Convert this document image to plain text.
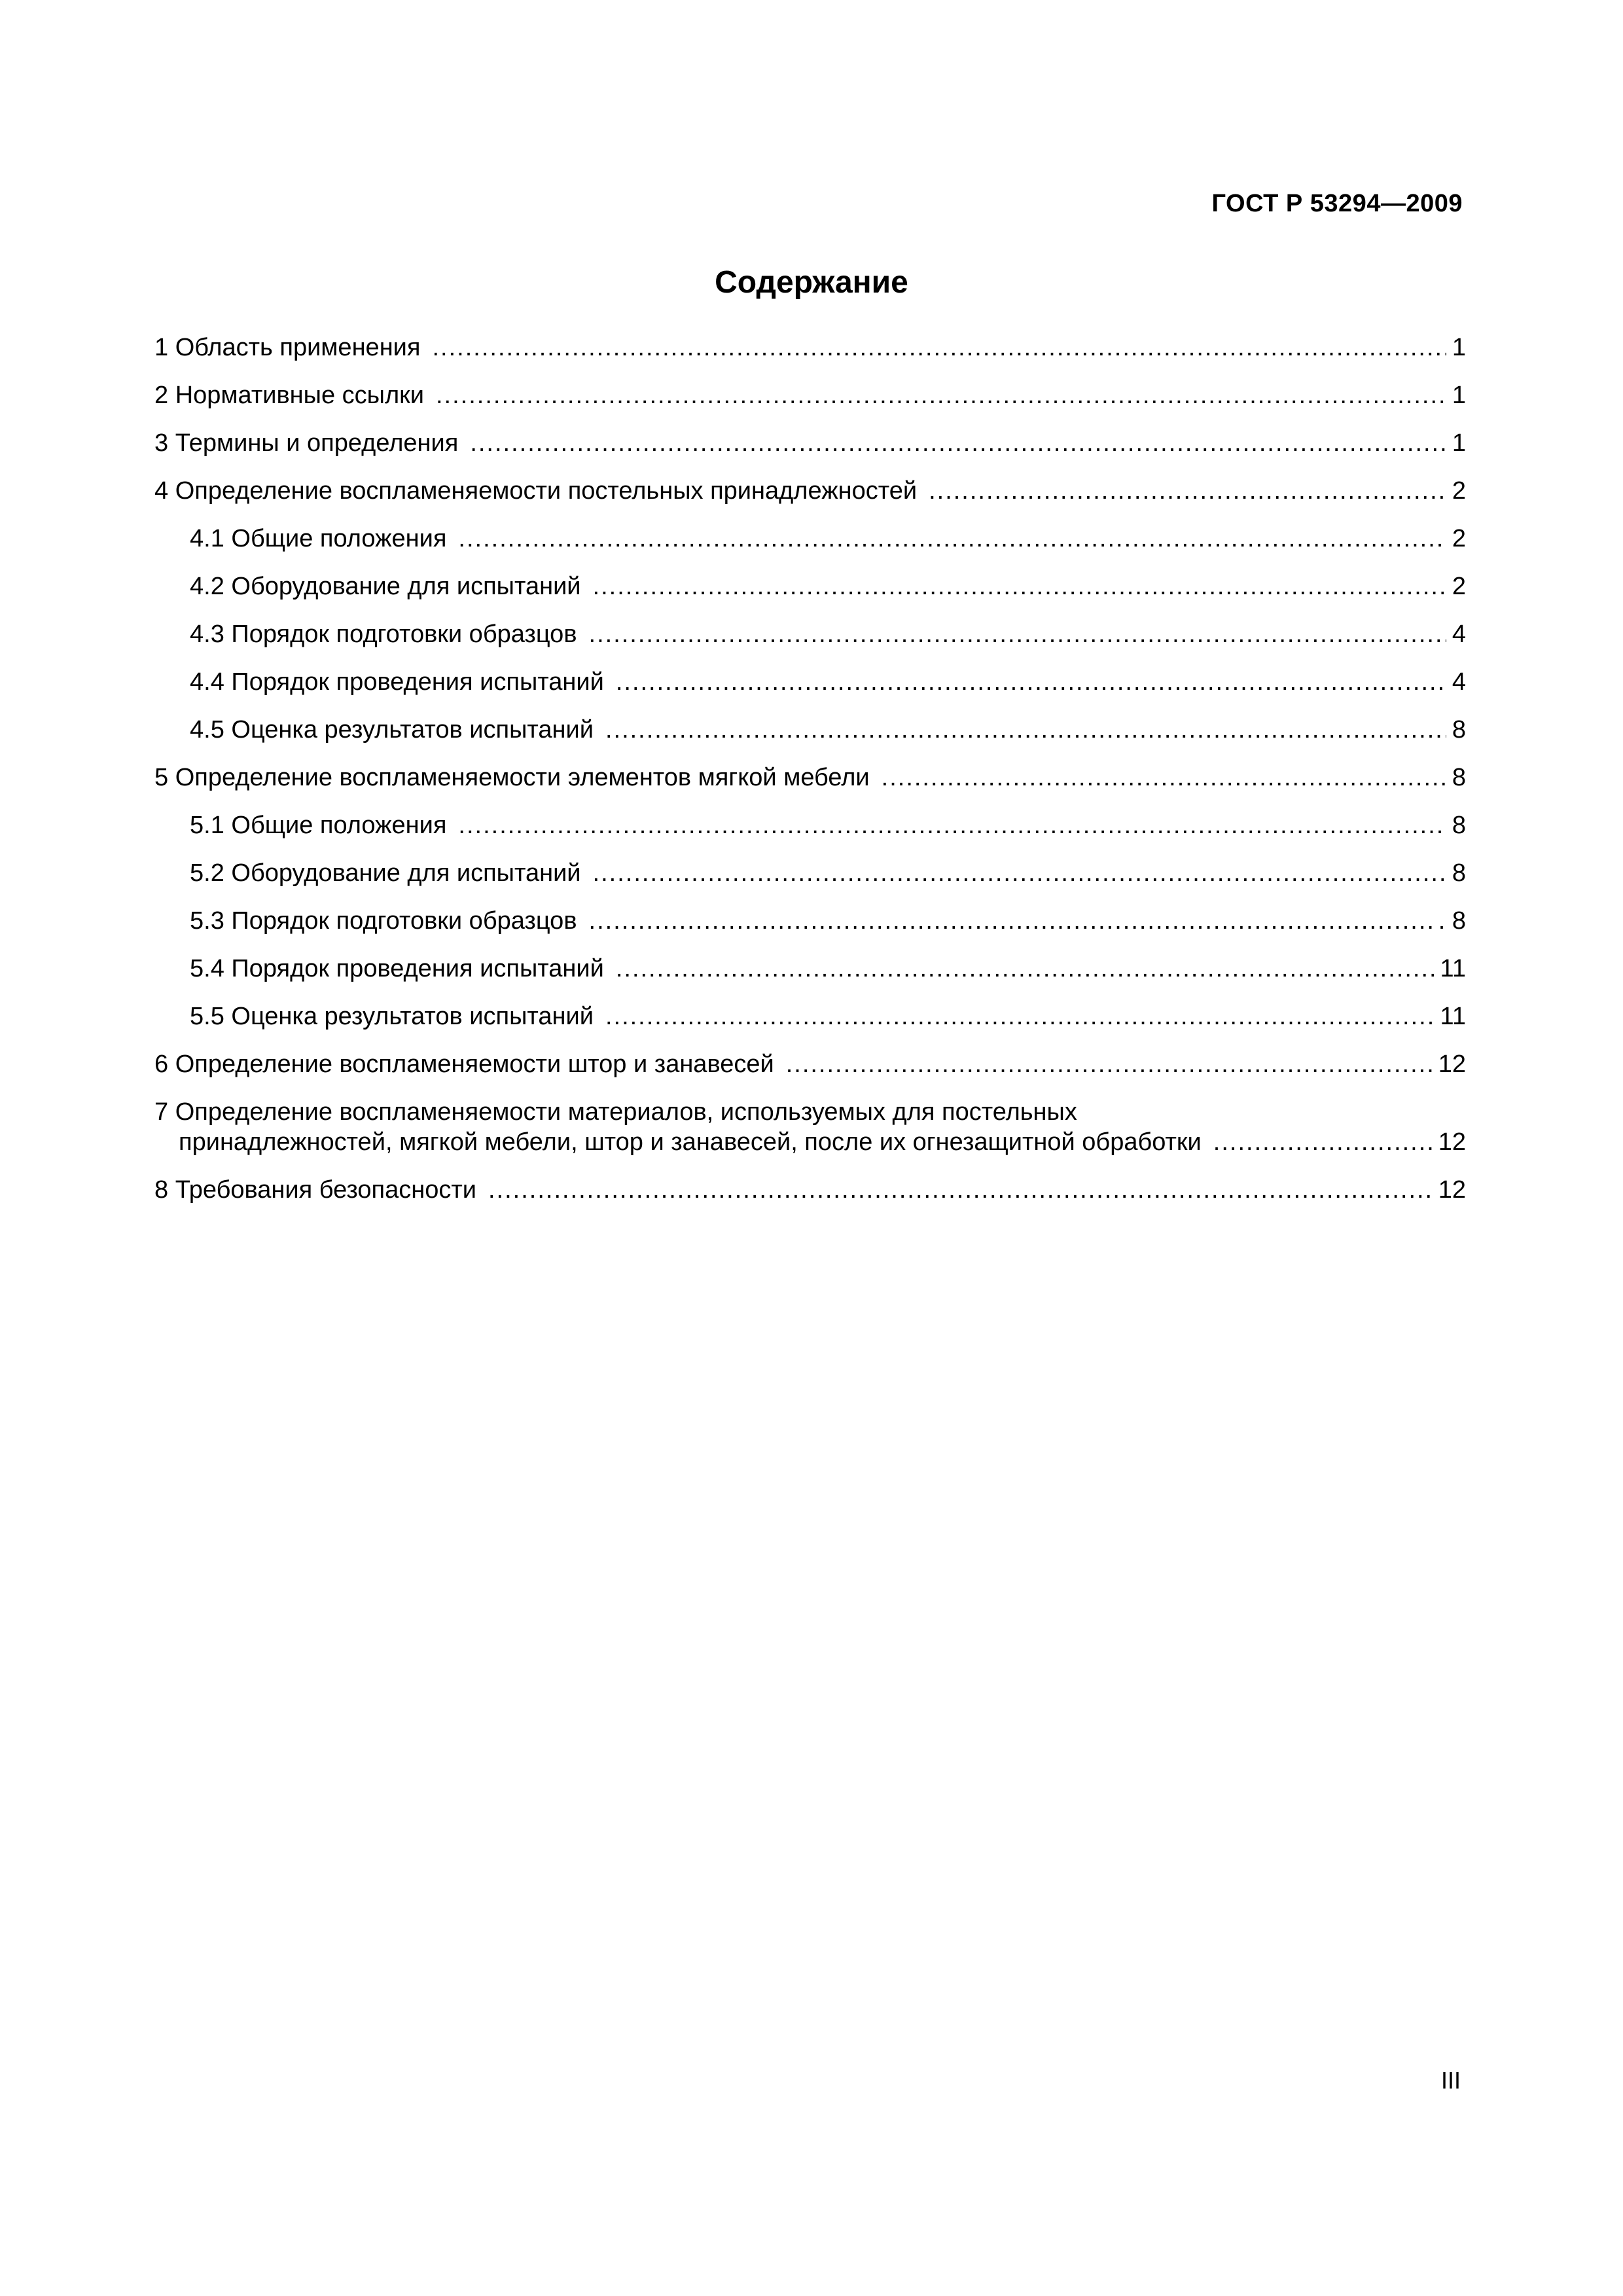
ГОСТ Р 53294—2009
Содержание
1 Область применения .....	1
2 Нормативные ссылки .....	1
3 Термины и определения .....	1
4 Определение воспламеняемости постельных принадлежностей .....	2
4.1 Общие положения .....	2
4.2 Оборудование для испытаний .....	2
4.3 Порядок подготовки образцов .....	4
4.4 Порядок проведения испытаний .....	4
4.5 Оценка результатов испытаний .....	8
5 Определение воспламеняемости элементов мягкой мебели .....	8
5.1 Общие положения .....	8
5.2 Оборудование для испытаний .....	8
5.3 Порядок подготовки образцов .....	. 8
5.4 Порядок проведения испытаний .....	11
5.5 Оценка результатов испытаний .....	11
6 Определение воспламеняемости штор и занавесей .....	12
7 Определение воспламеняемости материалов, используемых для постельных
принадлежностей, мягкой мебели, штор и занавесей, после их огнезащитной обработки .....	12
8 Требования безопасности .....	12
III
